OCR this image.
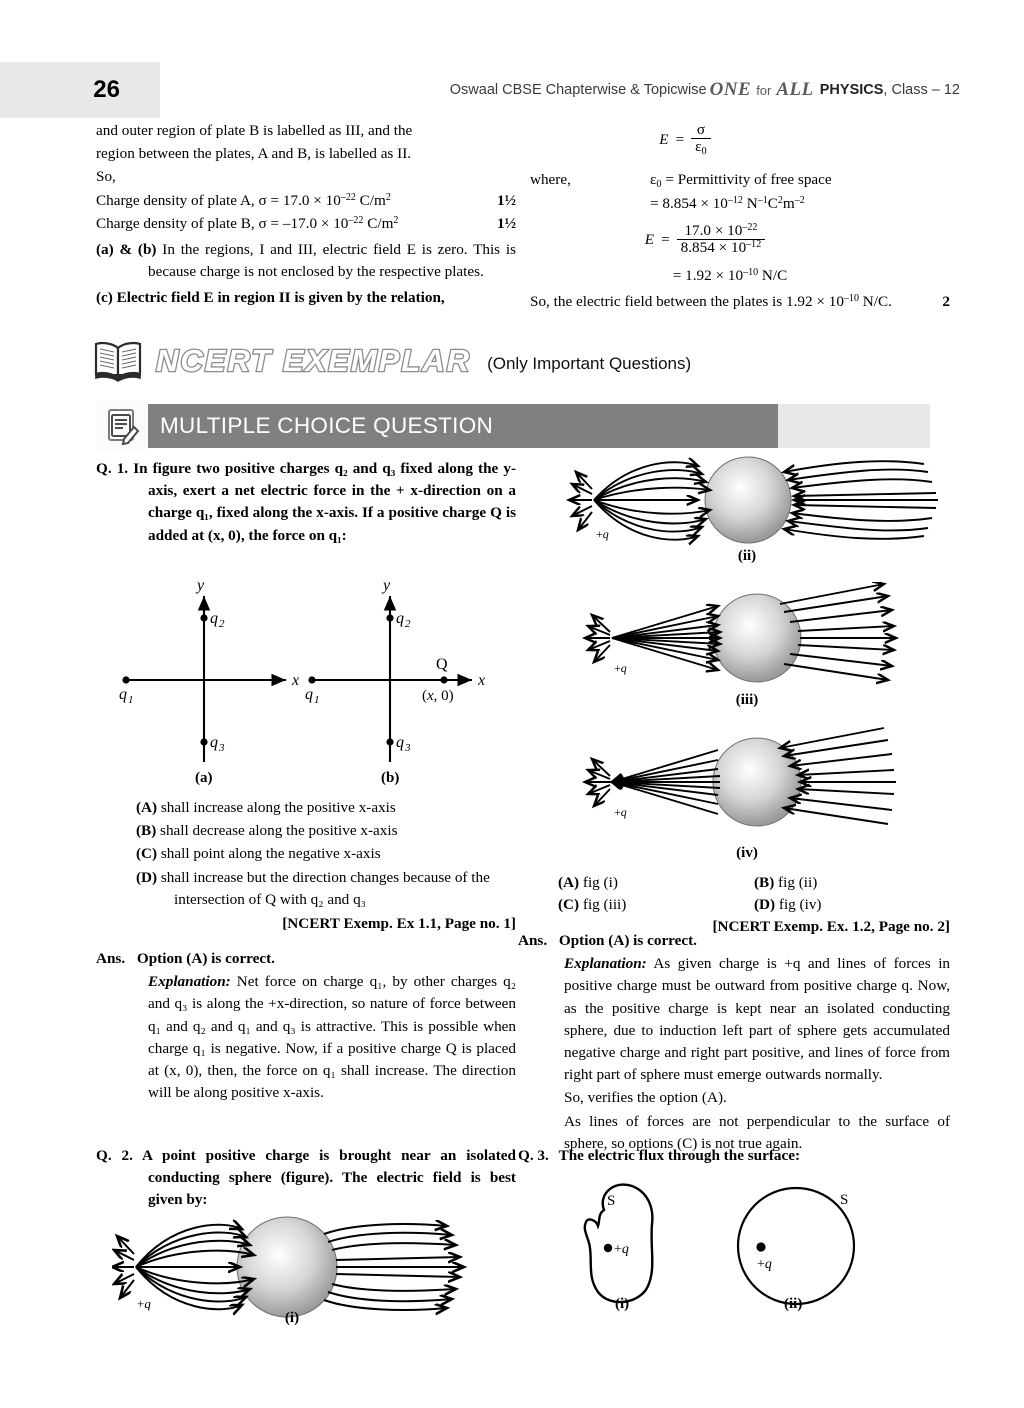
26	Oswaal CBSE Chapterwise & Topicwise ONE for ALL PHYSICS , Class – 12

and outer region of plate B is labelled as III, and the

region between the plates, A and B, is labelled as II.

So,

1½
Charge density of plate A, $\sigma = 17.0 \times 10^{-22}$ $C/m^2$

1½
Charge density of plate B, $\sigma = -17.0 \times 10^{-22}$ $C/m^2$

(a) & (b) In the regions, I and III, electric field E is zero. This is because charge is not enclosed by the respective plates.

(c) Electric field E in region II is given by the relation,

$E = \frac{\sigma}{\varepsilon_0}$
where,	$\varepsilon_0$ = Permittivity of free space

= $8.854 \times 10^{-12}$ $N^{-1}C^2m^{-2}$

$E = \frac{17.0 \times 10^{-22}}{8.854 \times 10^{-12}}$

= $1.92 \times 10^{-10}$ N/C

So, the electric field between the plates is $1.92 \times 10^{-10}$ N/C.	2

NCERT EXEMPLAR (Only Important Questions)
MULTIPLE CHOICE QUESTION

Q. 1. In figure two positive charges q₂ and q₃ fixed along the y-axis, exert a net electric force in the + x-direction on a charge q₁, fixed along the x-axis. If a positive charge Q is added at (x, 0), the force on q₁:

q 1
q 2
q 3
y
x
(a)
q 1
q 2
q 3
y
x
Q
(x, 0)
(b)

(A) shall increase along the positive x-axis

(B) shall decrease along the positive x-axis

(C) shall point along the negative x-axis

(D) shall increase but the direction changes because of the intersection of Q with q₂ and q₃

[NCERT Exemp. Ex 1.1, Page no. 1]

Ans. Option (A) is correct.

Explanation: Net force on charge q₁, by other charges q₂ and q₃ is along the +x-direction, so nature of force between q₁ and q₂ and q₁ and q₃ is attractive. This is possible when charge q₁ is negative. Now, if a positive charge Q is placed at (x, 0), then, the force on q₁ shall increase. The direction will be along positive x-axis.

Q. 2. A point positive charge is brought near an isolated conducting sphere (figure). The electric field is best given by:

+q
(i)
+q
(ii)
+q
(iii)
+q
(iv)
(A) fig (i)	(B) fig (ii)
(C) fig (iii)	(D) fig (iv)

[NCERT Exemp. Ex. 1.2, Page no. 2]

Ans. Option (A) is correct.

Explanation: As given charge is +q and lines of forces in positive charge must be outward from positive charge q. Now, as the positive charge is kept near an isolated conducting sphere, due to induction left part of sphere gets accumulated negative charge and right part positive, and lines of force from right part of sphere must emerge outwards normally.

So, verifies the option (A).

As lines of forces are not perpendicular to the surface of sphere, so options (C) is not true again.

Q. 3. The electric flux through the surface:

+q
S
(i)
+q
S
(ii)
